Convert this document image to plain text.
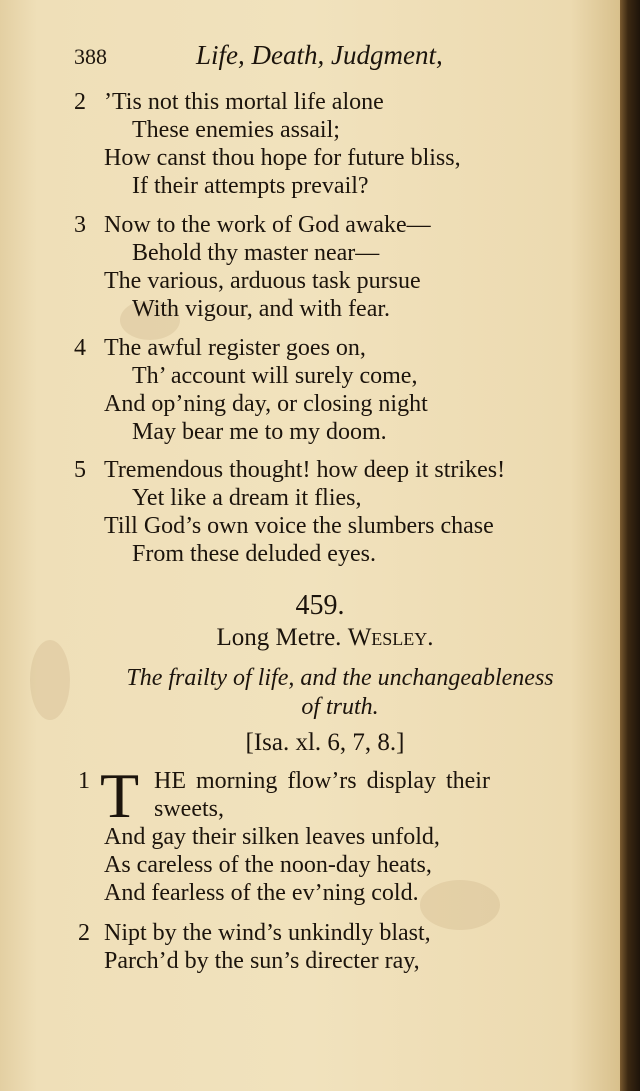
388	Life, Death, Judgment,
2 ’Tis not this mortal life alone
These enemies assail;
How canst thou hope for future bliss,
If their attempts prevail?
3 Now to the work of God awake—
Behold thy master near—
The various, arduous task pursue
With vigour, and with fear.
4 The awful register goes on,
Th’ account will surely come,
And op’ning day, or closing night
May bear me to my doom.
5 Tremendous thought! how deep it strikes!
Yet like a dream it flies,
Till God’s own voice the slumbers chase
From these deluded eyes.
459.
Long Metre. Wesley.
The frailty of life, and the unchangeableness
of truth.
[Isa. xl. 6, 7, 8.]
1 T HE morning flow’rs display their
sweets,
And gay their silken leaves unfold,
As careless of the noon-day heats,
And fearless of the ev’ning cold.
2 Nipt by the wind’s unkindly blast,
Parch’d by the sun’s directer ray,
